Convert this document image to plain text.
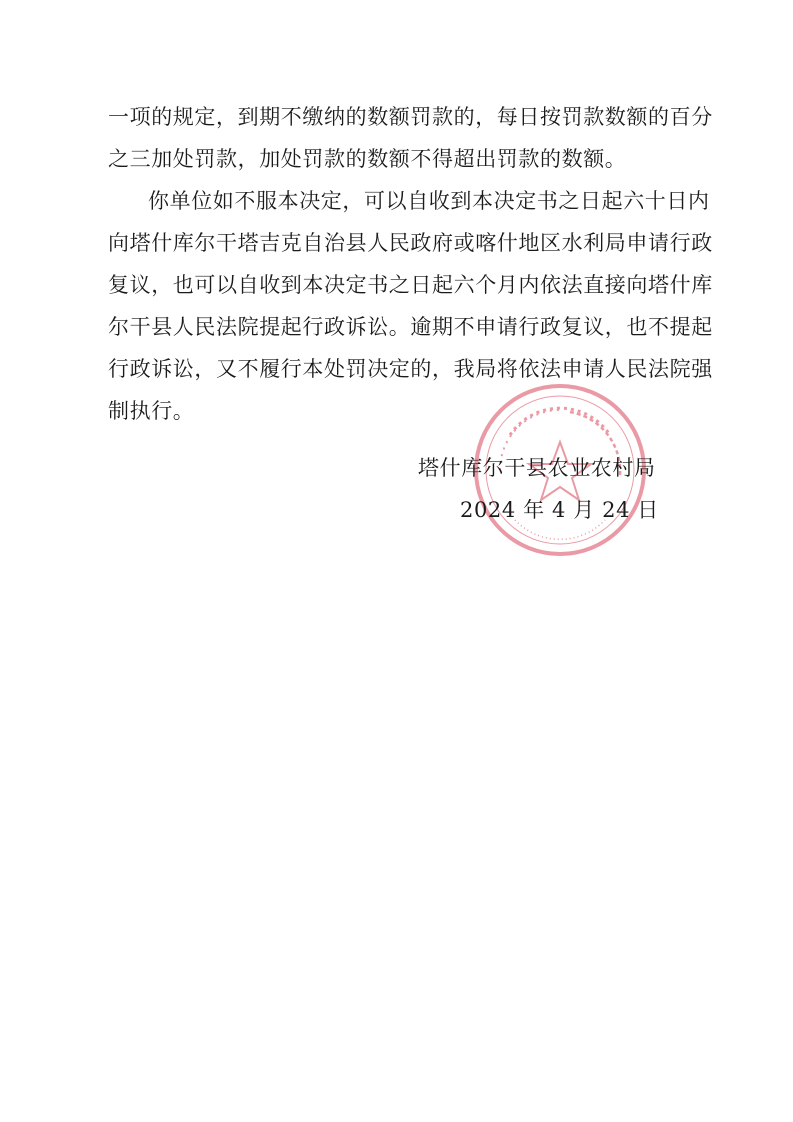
一项的规定，到期不缴纳的数额罚款的，每日按罚款数额的百分
之三加处罚款，加处罚款的数额不得超出罚款的数额。
你单位如不服本决定，可以自收到本决定书之日起六十日内
向塔什库尔干塔吉克自治县人民政府或喀什地区水利局申请行政
复议，也可以自收到本决定书之日起六个月内依法直接向塔什库
尔干县人民法院提起行政诉讼。逾期不申请行政复议，也不提起
行政诉讼，又不履行本处罚决定的，我局将依法申请人民法院强
制执行。
塔什库尔干县农业农村局
2024 年 4 月 24 日
